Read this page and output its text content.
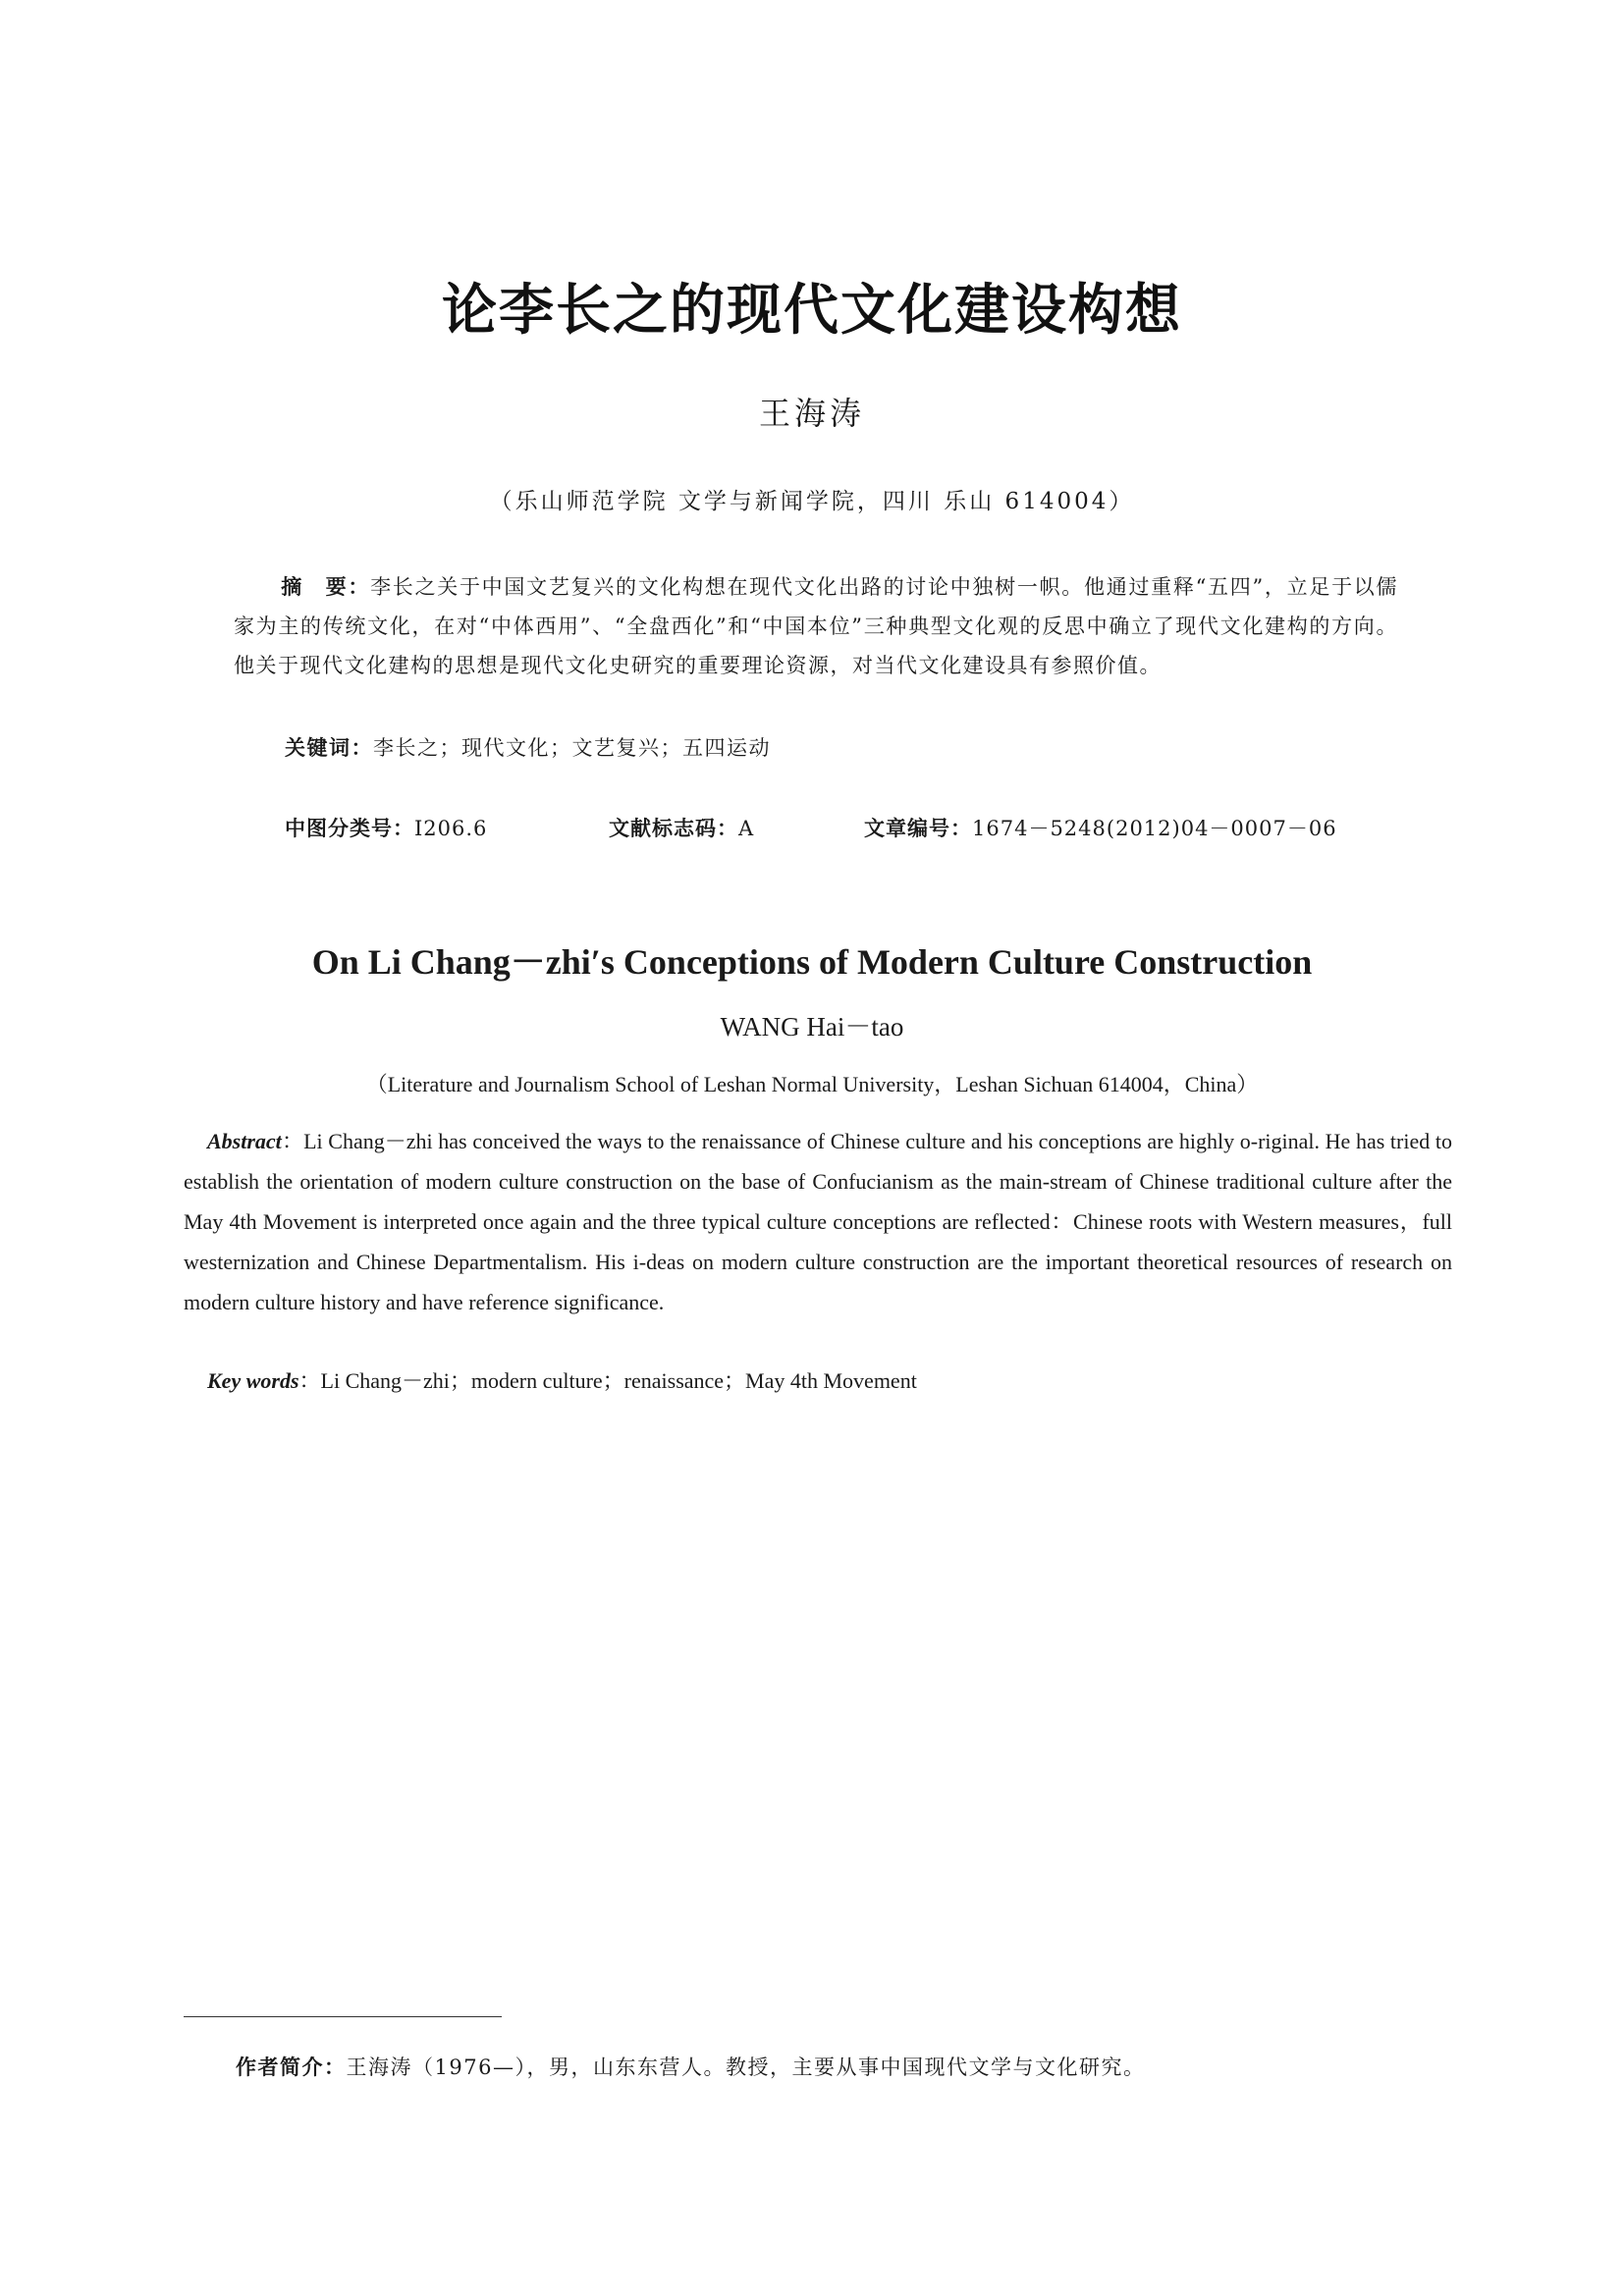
论李长之的现代文化建设构想
王海涛
（乐山师范学院 文学与新闻学院，四川 乐山 614004）
摘　要：李长之关于中国文艺复兴的文化构想在现代文化出路的讨论中独树一帜。他通过重释“五四”，立足于以儒家为主的传统文化，在对“中体西用”、“全盘西化”和“中国本位”三种典型文化观的反思中确立了现代文化建构的方向。他关于现代文化建构的思想是现代文化史研究的重要理论资源，对当代文化建设具有参照价值。
关键词：李长之；现代文化；文艺复兴；五四运动
中图分类号：I206.6	文献标志码：A	文章编号：1674－5248(2012)04－0007－06
On Li Chang－zhi′s Conceptions of Modern Culture Construction
WANG Hai－tao
（Literature and Journalism School of Leshan Normal University，Leshan Sichuan 614004，China）
Abstract：Li Chang－zhi has conceived the ways to the renaissance of Chinese culture and his conceptions are highly o-riginal. He has tried to establish the orientation of modern culture construction on the base of Confucianism as the main-stream of Chinese traditional culture after the May 4th Movement is interpreted once again and the three typical culture conceptions are reflected：Chinese roots with Western measures，full westernization and Chinese Departmentalism. His i-deas on modern culture construction are the important theoretical resources of research on modern culture history and have reference significance.
Key words：Li Chang－zhi；modern culture；renaissance；May 4th Movement
作者简介：王海涛（1976—），男，山东东营人。教授，主要从事中国现代文学与文化研究。
